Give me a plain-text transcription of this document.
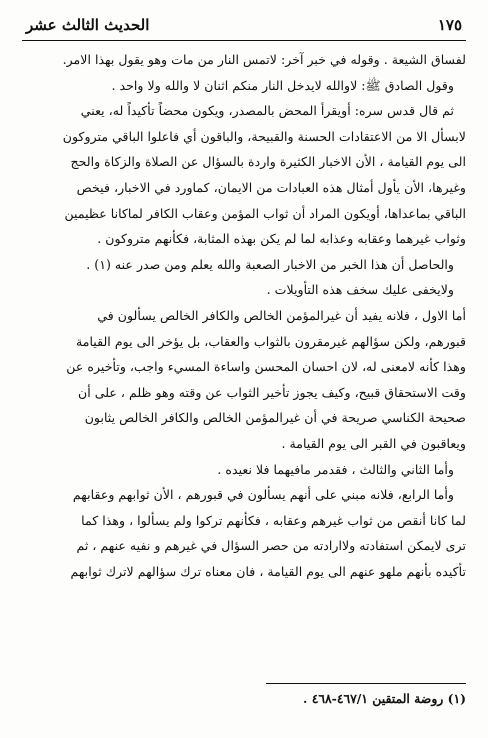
الحديث الثالث عشر	١٧٥

لفساق الشيعة . وقوله في خبر آخر: لاتمس النار من مات وهو يقول بهذا الامر.

وقول الصادق ﷺ: لاوالله لايدخل النار منكم اثنان لا والله ولا واحد .

ثم قال قدس سره: أويقرأ المحض بالمصدر، ويكون محضاً تأكيداً له، يعني

لابسأل الا من الاعتقادات الحسنة والقبيحة، والباقون أي فاعلوا الباقي متروكون

الى يوم القيامة ، الأن الاخبار الكثيرة واردة بالسؤال عن الصلاة والزكاة والحج

وغيرها، الأن يأول أمثال هذه العبادات من الايمان، كماورد في الاخبار، فيخص

الباقي بماعداها، أويكون المراد أن ثواب المؤمن وعقاب الكافر لماكانا عظيمين

وثواب غيرهما وعقابه وعذابه لما لم يكن بهذه المثابة، فكأنهم متروكون .

والحاصل أن هذا الخبر من الاخبار الصعبة والله يعلم ومن صدر عنه (١) .

ولايخفى عليك سخف هذه التأويلات .

أما الاول ، فلانه يفيد أن غيرالمؤمن الخالص والكافر الخالص يسألون في

قبورهم، ولكن سؤالهم غيرمقرون بالثواب والعقاب، بل يؤخر الى يوم القيامة

وهذا كأنه لامعنى له، لان احسان المحسن واساءة المسيء واجب، وتأخيره عن

وقت الاستحقاق قبيح، وكيف يجوز تأخير الثواب عن وقته وهو ظلم ، على أن

صحيحة الكناسي صريحة في أن غيرالمؤمن الخالص والكافر الخالص يثابون

ويعاقبون في القبر الى يوم القيامة .

وأما الثاني والثالث ، فقدمر مافيهما فلا نعيده .

وأما الرابع، فلانه مبني على أنهم يسألون في قبورهم ، الأن ثوابهم وعقابهم

لما كانا أنقص من ثواب غيرهم وعقابه ، فكأنهم تركوا ولم يسألوا ، وهذا كما

ترى لايمكن استفادته ولاارادته من حصر السؤال في غيرهم و نفيه عنهم ، ثم

تأكيده بأنهم ملهو عنهم الى يوم القيامة ، فان معناه ترك سؤالهم لاترك ثوابهم

(١) روضة المتقين ٤٦٧/١-٤٦٨ .
